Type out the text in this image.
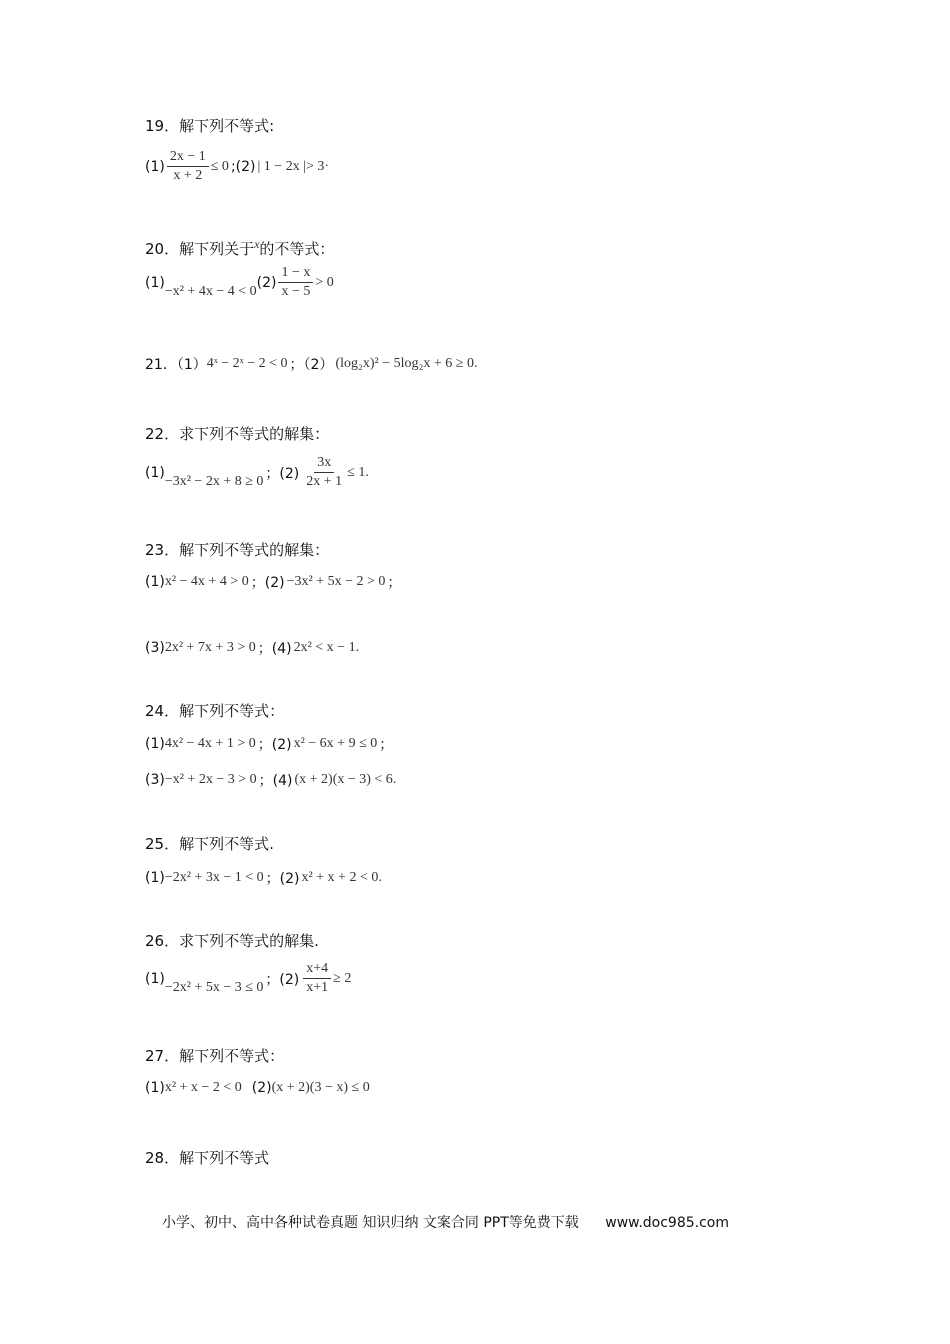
19．解下列不等式:
$(1) \frac{2x - 1}{x + 2} \le 0$ ;(2) | 1 − 2x |> 3 ·
20．解下列关于$^x$的不等式：
(1)
−x² + 4x − 4 < 0
$(2) \frac{1 - x}{x - 5} > 0$
21．（1） 4ˣ − 2ˣ − 2 < 0 ；（2） (log₂x)² − 5log₂x + 6 ≥ 0 .
22．求下列不等式的解集：
(1)
−3x² − 2x + 8 ≥ 0 ；$(2) \frac{3x}{2x + 1} \le 1$.
23．解下列不等式的解集：
(1) x² − 4x + 4 > 0 ；(2) −3x² + 5x − 2 > 0 ；
(3) 2x² + 7x + 3 > 0 ；(4) 2x² < x − 1.
24．解下列不等式：
(1) 4x² − 4x + 1 > 0 ；(2) x² − 6x + 9 ≤ 0 ；
(3) −x² + 2x − 3 > 0 ；(4) (x + 2)(x − 3) < 6 .
25．解下列不等式.
(1) −2x² + 3x − 1 < 0 ；(2) x² + x + 2 < 0 .
26．求下列不等式的解集.
(1)
−2x² + 5x − 3 ≤ 0 ；$(2) \frac{x+4}{x+1} \ge 2$
27．解下列不等式：
(1) x² + x − 2 < 0 (2) (x + 2)(3 − x) ≤ 0
28．解下列不等式
小学、初中、高中各种试卷真题 知识归纳 文案合同 PPT等免费下载 www.doc985.com
